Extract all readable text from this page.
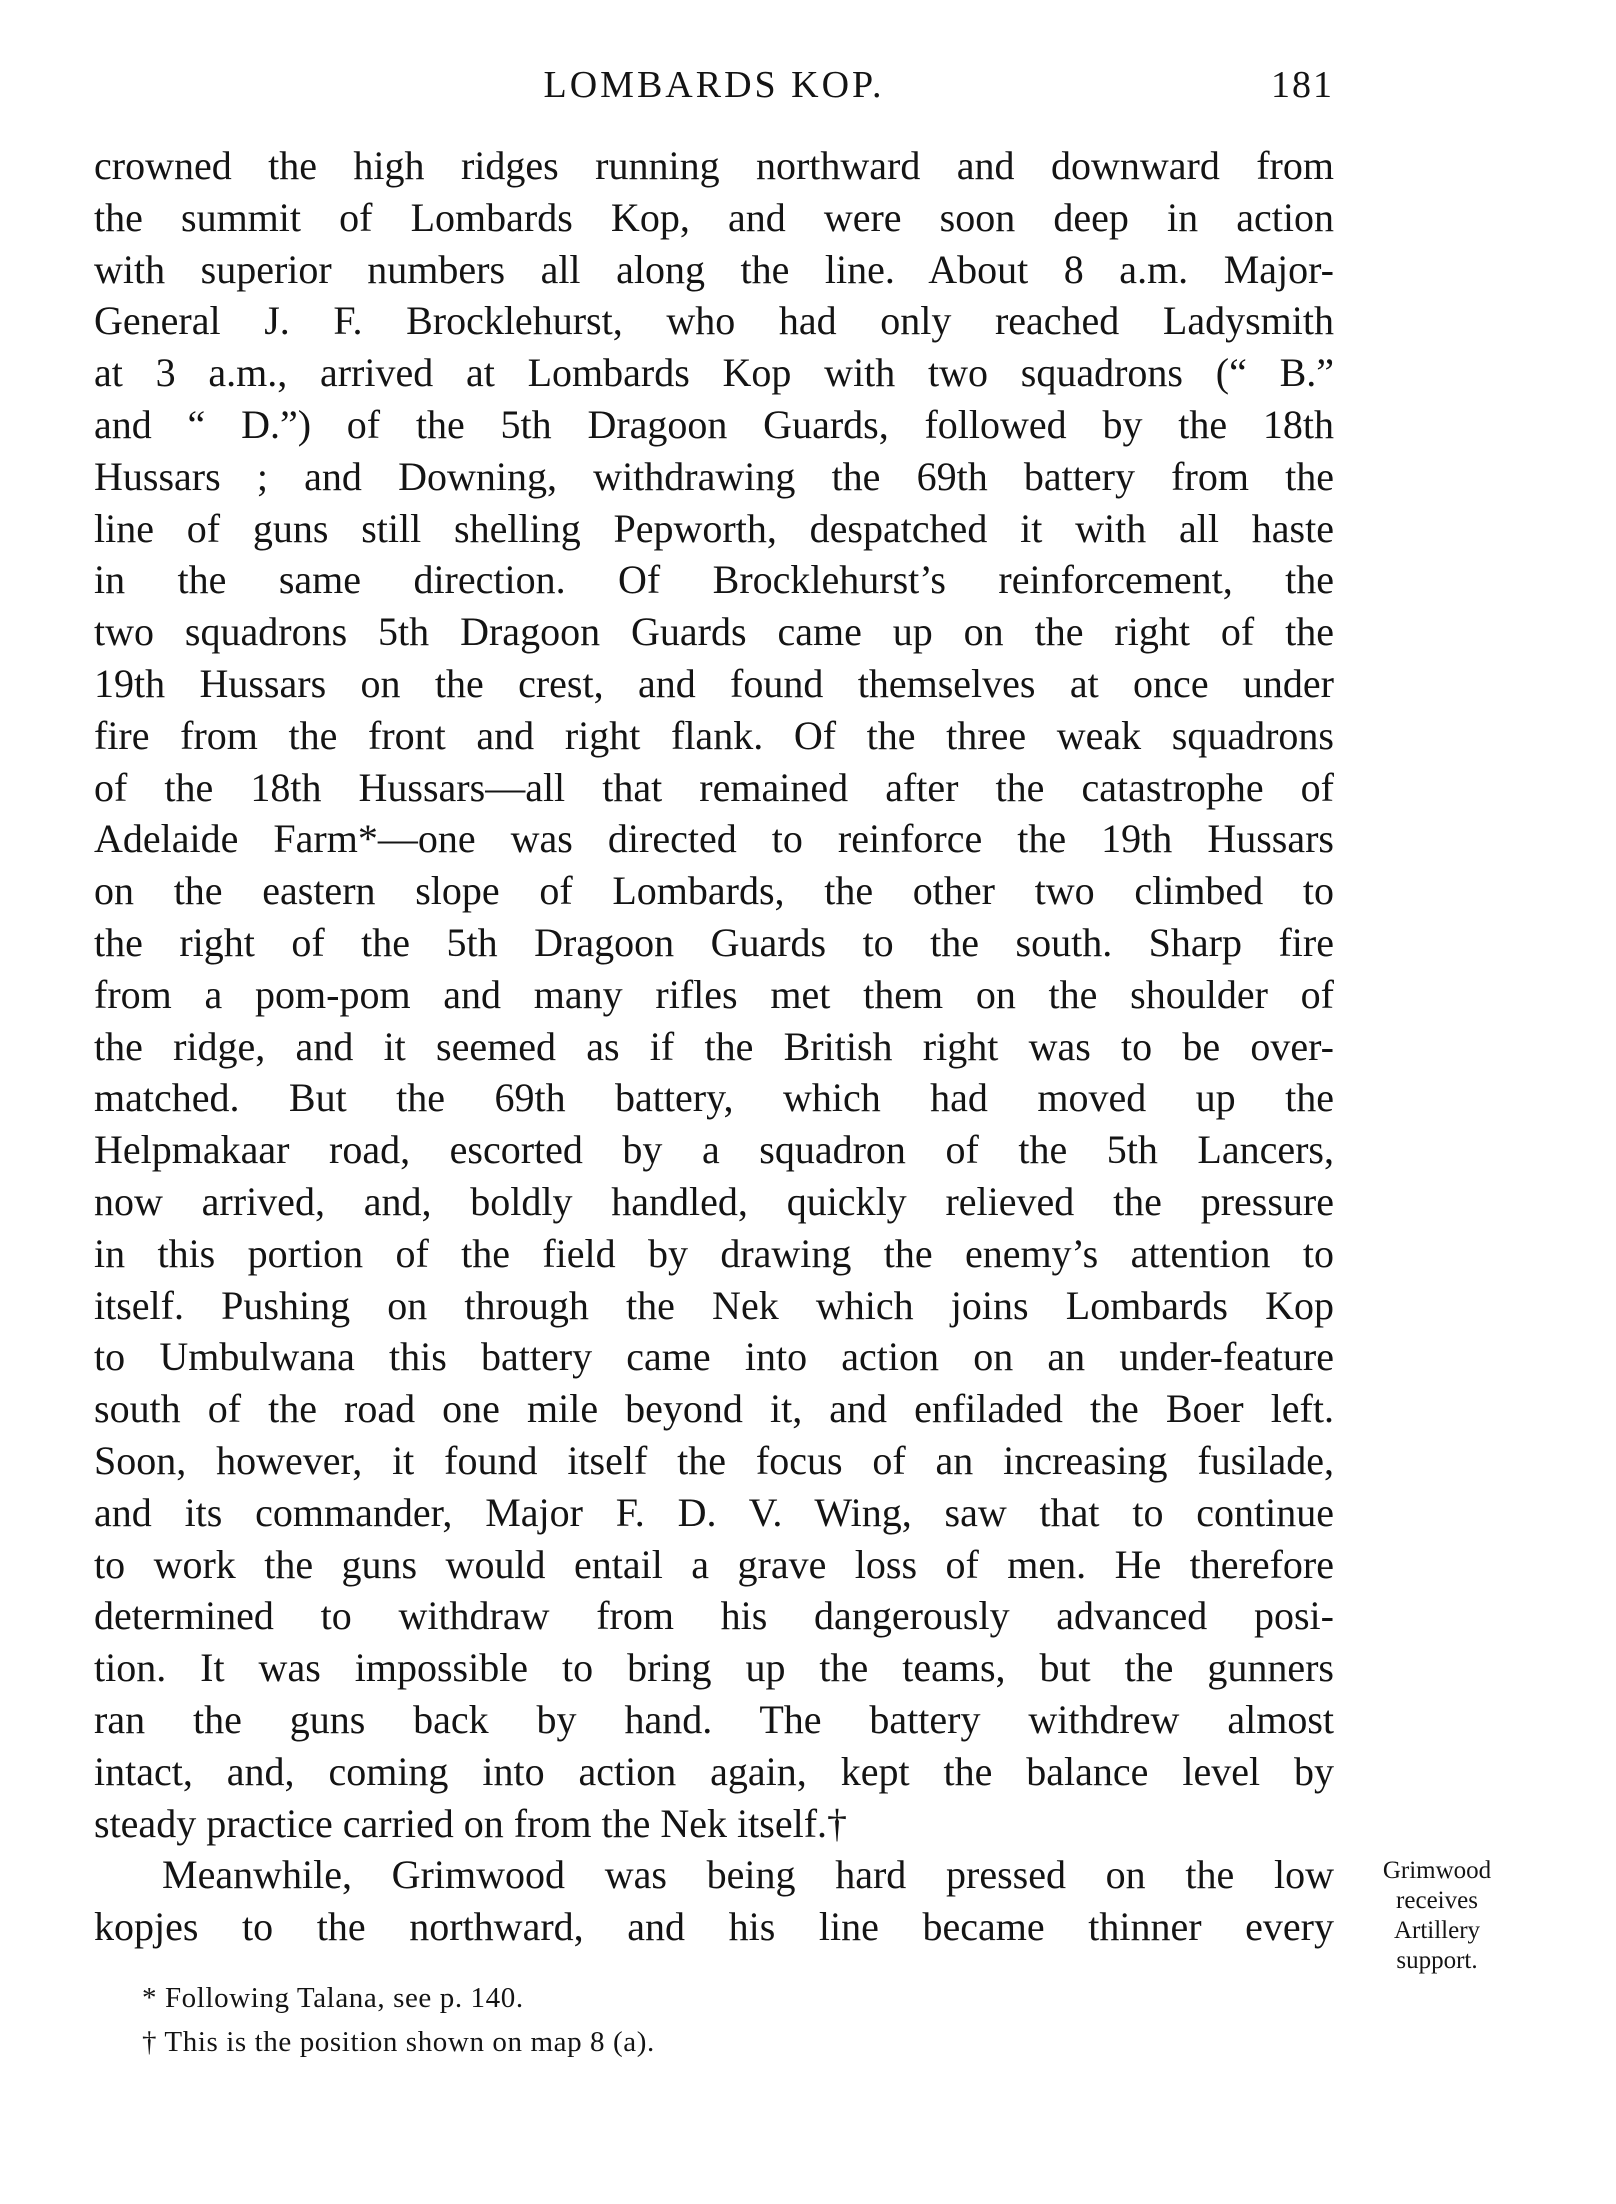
LOMBARDS KOP.	181
crowned the high ridges running northward and downward from
the summit of Lombards Kop, and were soon deep in action
with superior numbers all along the line. About 8 a.m. Major-
General J. F. Brocklehurst, who had only reached Ladysmith
at 3 a.m., arrived at Lombards Kop with two squadrons (“ B.”
and “ D.”) of the 5th Dragoon Guards, followed by the 18th
Hussars ; and Downing, withdrawing the 69th battery from the
line of guns still shelling Pepworth, despatched it with all haste
in the same direction. Of Brocklehurst’s reinforcement, the
two squadrons 5th Dragoon Guards came up on the right of the
19th Hussars on the crest, and found themselves at once under
fire from the front and right flank. Of the three weak squadrons
of the 18th Hussars—all that remained after the catastrophe of
Adelaide Farm*—one was directed to reinforce the 19th Hussars
on the eastern slope of Lombards, the other two climbed to
the right of the 5th Dragoon Guards to the south. Sharp fire
from a pom-pom and many rifles met them on the shoulder of
the ridge, and it seemed as if the British right was to be over-
matched. But the 69th battery, which had moved up the
Helpmakaar road, escorted by a squadron of the 5th Lancers,
now arrived, and, boldly handled, quickly relieved the pressure
in this portion of the field by drawing the enemy’s attention to
itself. Pushing on through the Nek which joins Lombards Kop
to Umbulwana this battery came into action on an under-feature
south of the road one mile beyond it, and enfiladed the Boer left.
Soon, however, it found itself the focus of an increasing fusilade,
and its commander, Major F. D. V. Wing, saw that to continue
to work the guns would entail a grave loss of men. He therefore
determined to withdraw from his dangerously advanced posi-
tion. It was impossible to bring up the teams, but the gunners
ran the guns back by hand. The battery withdrew almost
intact, and, coming into action again, kept the balance level by
steady practice carried on from the Nek itself.†
Meanwhile, Grimwood was being hard pressed on the low
kopjes to the northward, and his line became thinner every
Grimwood
receives
Artillery
support.
* Following Talana, see p. 140.
† This is the position shown on map 8 (a).
